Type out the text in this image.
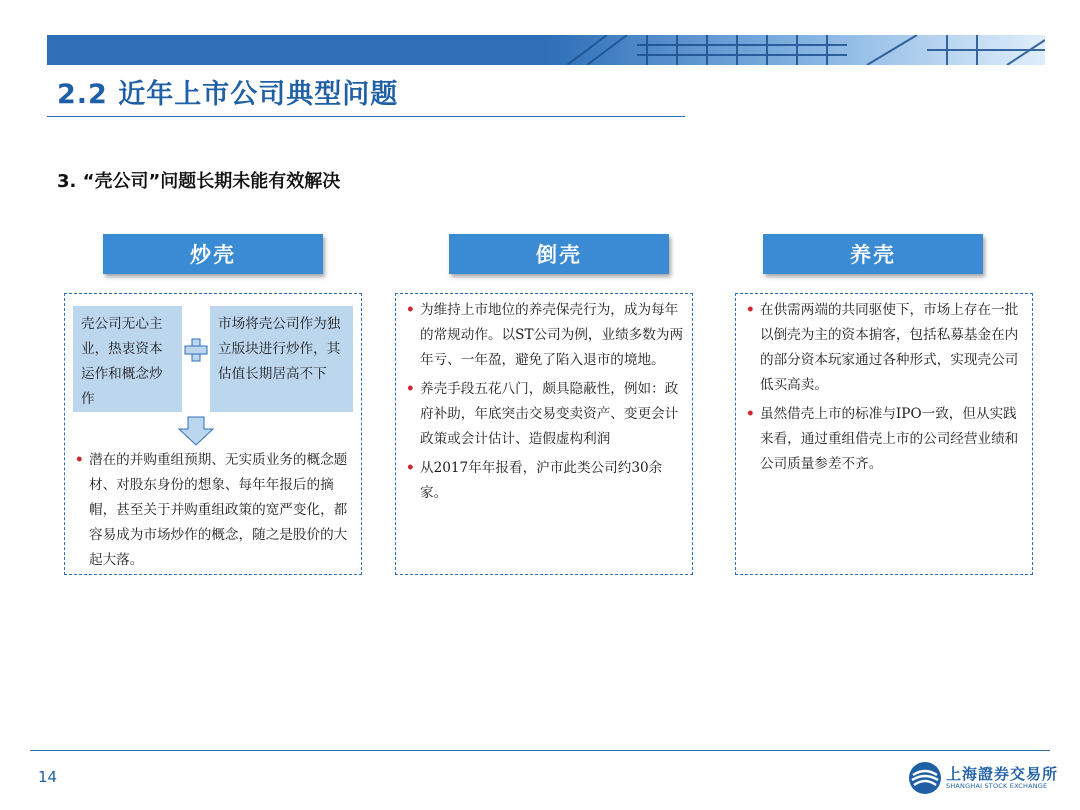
2.2 近年上市公司典型问题
3. “壳公司”问题长期未能有效解决
炒壳	倒壳	养壳
壳公司无心主业，热衷资本运作和概念炒作
市场将壳公司作为独立版块进行炒作，其估值长期居高不下

• 潜在的并购重组预期、无实质业务的概念题材、对股东身份的想象、每年年报后的摘帽，甚至关于并购重组政策的宽严变化，都容易成为市场炒作的概念，随之是股价的大起大落。

• 为维持上市地位的养壳保壳行为，成为每年的常规动作。以ST公司为例，业绩多数为两年亏、一年盈，避免了陷入退市的境地。

• 养壳手段五花八门，颇具隐蔽性，例如：政府补助，年底突击交易变卖资产、变更会计政策或会计估计、造假虚构利润

• 从2017年年报看，沪市此类公司约30余家。

• 在供需两端的共同驱使下，市场上存在一批以倒壳为主的资本掮客，包括私募基金在内的部分资本玩家通过各种形式，实现壳公司低买高卖。

• 虽然借壳上市的标准与IPO一致，但从实践来看，通过重组借壳上市的公司经营业绩和公司质量参差不齐。

14	上海證券交易所
SHANGHAI STOCK EXCHANGE
